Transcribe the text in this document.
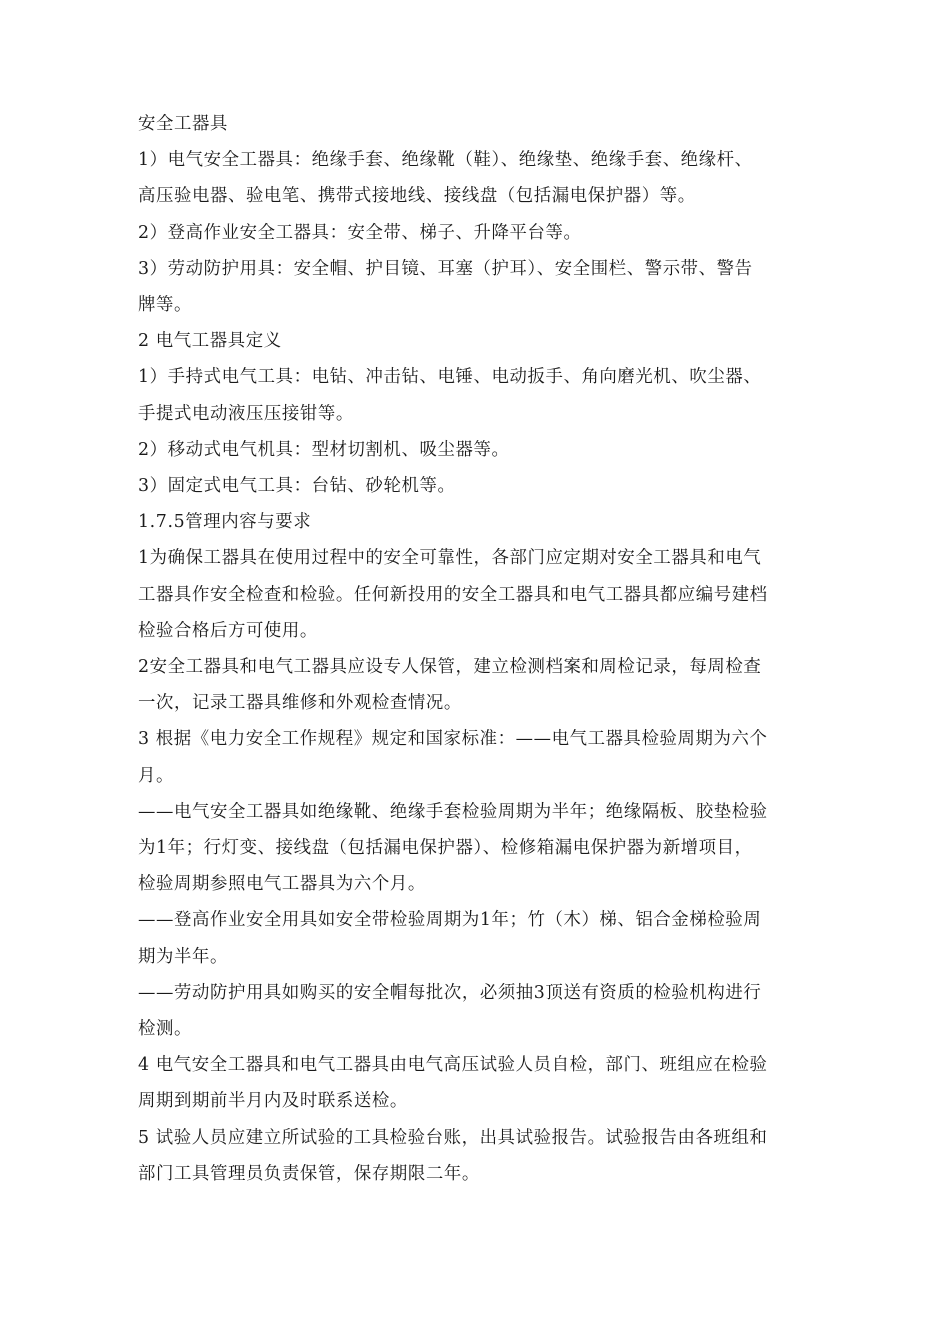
安全工器具

1）电气安全工器具：绝缘手套、绝缘靴（鞋）、绝缘垫、绝缘手套、绝缘杆、
高压验电器、验电笔、携带式接地线、接线盘（包括漏电保护器）等。

2）登高作业安全工器具：安全带、梯子、升降平台等。

3）劳动防护用具：安全帽、护目镜、耳塞（护耳）、安全围栏、警示带、警告
牌等。

2 电气工器具定义

1）手持式电气工具：电钻、冲击钻、电锤、电动扳手、角向磨光机、吹尘器、
手提式电动液压压接钳等。

2）移动式电气机具：型材切割机、吸尘器等。

3）固定式电气工具：台钻、砂轮机等。

1.7.5管理内容与要求

1为确保工器具在使用过程中的安全可靠性，各部门应定期对安全工器具和电气
工器具作安全检查和检验。任何新投用的安全工器具和电气工器具都应编号建档
检验合格后方可使用。

2安全工器具和电气工器具应设专人保管，建立检测档案和周检记录，每周检查
一次，记录工器具维修和外观检查情况。

3 根据《电力安全工作规程》规定和国家标准：——电气工器具检验周期为六个
月。

——电气安全工器具如绝缘靴、绝缘手套检验周期为半年；绝缘隔板、胶垫检验
为1年；行灯变、接线盘（包括漏电保护器）、检修箱漏电保护器为新增项目，
检验周期参照电气工器具为六个月。

——登高作业安全用具如安全带检验周期为1年；竹（木）梯、铝合金梯检验周
期为半年。

——劳动防护用具如购买的安全帽每批次，必须抽3顶送有资质的检验机构进行
检测。

4 电气安全工器具和电气工器具由电气高压试验人员自检，部门、班组应在检验
周期到期前半月内及时联系送检。

5 试验人员应建立所试验的工具检验台账，出具试验报告。试验报告由各班组和
部门工具管理员负责保管，保存期限二年。
